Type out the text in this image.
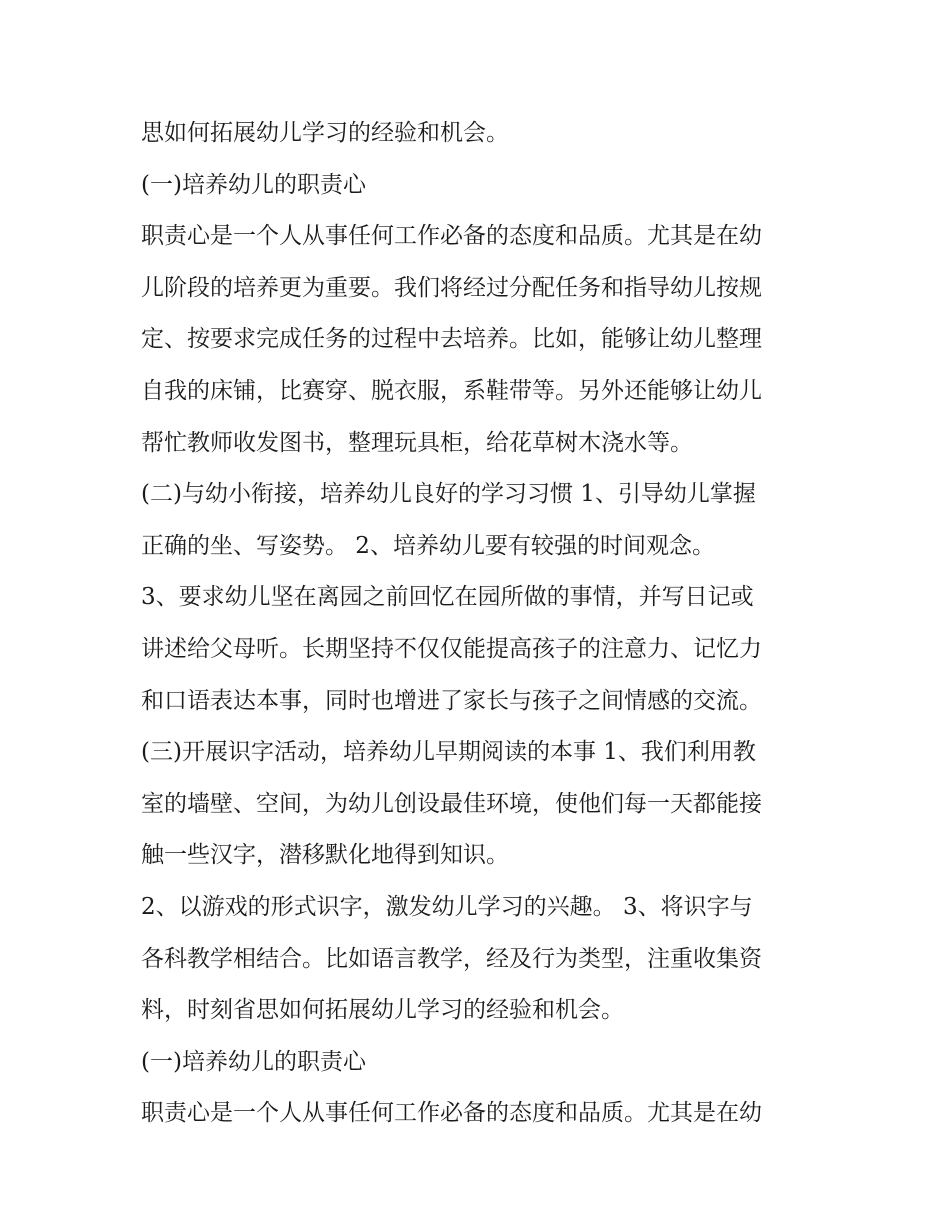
思如何拓展幼儿学习的经验和机会。
(一)培养幼儿的职责心
职责心是一个人从事任何工作必备的态度和品质。尤其是在幼
儿阶段的培养更为重要。我们将经过分配任务和指导幼儿按规
定、按要求完成任务的过程中去培养。比如，能够让幼儿整理
自我的床铺，比赛穿、脱衣服，系鞋带等。另外还能够让幼儿
帮忙教师收发图书，整理玩具柜，给花草树木浇水等。
(二)与幼小衔接，培养幼儿良好的学习习惯 1、引导幼儿掌握
正确的坐、写姿势。 2、培养幼儿要有较强的时间观念。
3、要求幼儿坚在离园之前回忆在园所做的事情，并写日记或
讲述给父母听。长期坚持不仅仅能提高孩子的注意力、记忆力
和口语表达本事，同时也增进了家长与孩子之间情感的交流。
(三)开展识字活动，培养幼儿早期阅读的本事 1、我们利用教
室的墙壁、空间，为幼儿创设最佳环境，使他们每一天都能接
触一些汉字，潜移默化地得到知识。
2、以游戏的形式识字，激发幼儿学习的兴趣。 3、将识字与
各科教学相结合。比如语言教学，经及行为类型，注重收集资
料，时刻省思如何拓展幼儿学习的经验和机会。
(一)培养幼儿的职责心
职责心是一个人从事任何工作必备的态度和品质。尤其是在幼
